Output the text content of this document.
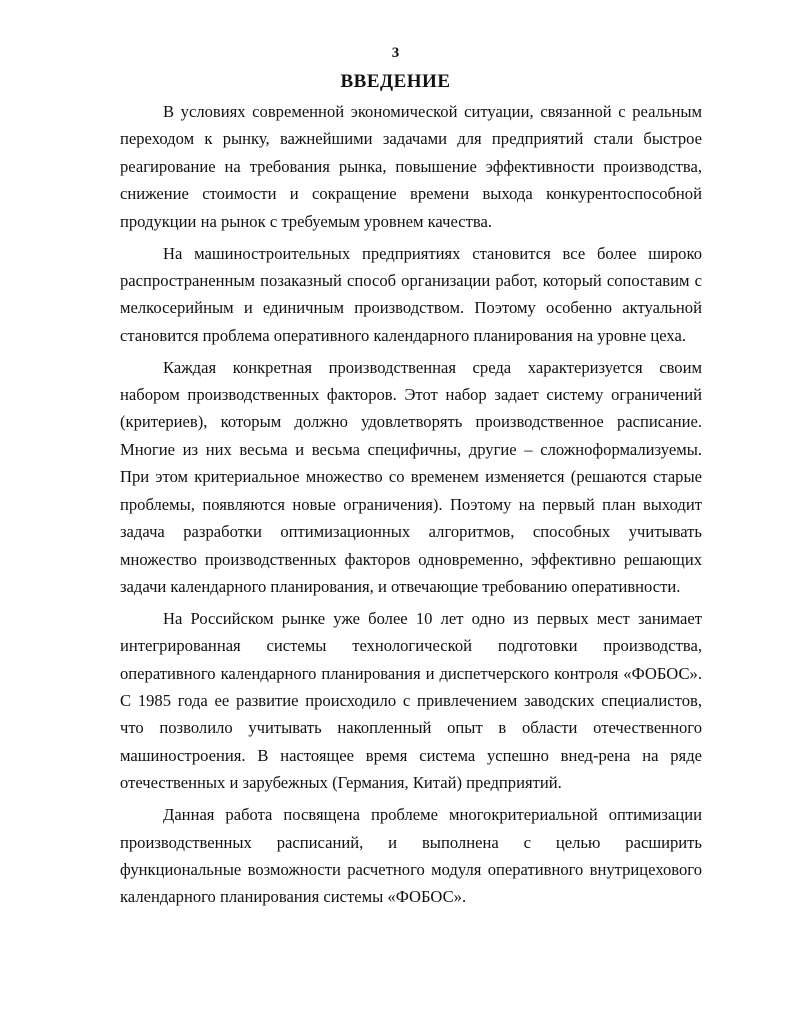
3
ВВЕДЕНИЕ

В условиях современной экономической ситуации, связанной с реальным переходом к рынку, важнейшими задачами для предприятий стали быстрое реагирование на требования рынка, повышение эффективности производства, снижение стоимости и сокращение времени выхода конкурентоспособной продукции на рынок с требуемым уровнем качества.

На машиностроительных предприятиях становится все более широко распространенным позаказный способ организации работ, который сопоставим с мелкосерийным и единичным производством. Поэтому особенно актуальной становится проблема оперативного календарного планирования на уровне цеха.

Каждая конкретная производственная среда характеризуется своим набором производственных факторов. Этот набор задает систему ограничений (критериев), которым должно удовлетворять производственное расписание. Многие из них весьма и весьма специфичны, другие – сложноформализуемы. При этом критериальное множество со временем изменяется (решаются старые проблемы, появляются новые ограничения). Поэтому на первый план выходит задача разработки оптимизационных алгоритмов, способных учитывать множество производственных факторов одновременно, эффективно решающих задачи календарного планирования, и отвечающие требованию оперативности.

На Российском рынке уже более 10 лет одно из первых мест занимает интегрированная системы технологической подготовки производства, оперативного календарного планирования и диспетчерского контроля «ФОБОС». С 1985 года ее развитие происходило с привлечением заводских специалистов, что позволило учитывать накопленный опыт в области отечественного машиностроения. В настоящее время система успешно внед-рена на ряде отечественных и зарубежных (Германия, Китай) предприятий.

Данная работа посвящена проблеме многокритериальной оптимизации производственных расписаний, и выполнена с целью расширить функциональные возможности расчетного модуля оперативного внутрицехового календарного планирования системы «ФОБОС».
